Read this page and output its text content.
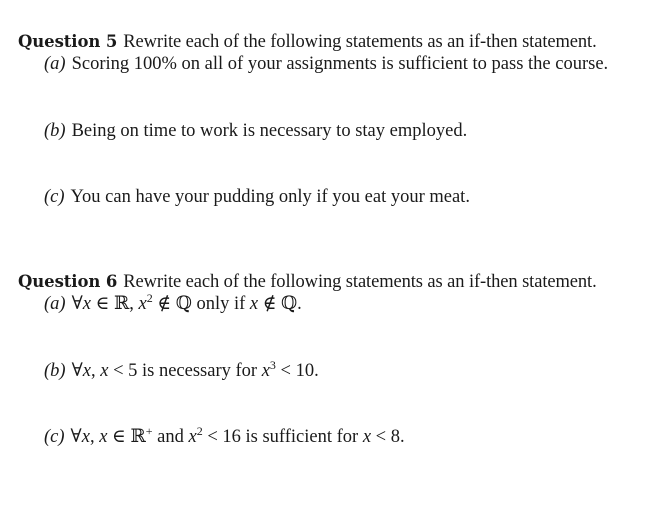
Question 5 Rewrite each of the following statements as an if-then statement.
(a) Scoring 100% on all of your assignments is sufficient to pass the course.
(b) Being on time to work is necessary to stay employed.
(c) You can have your pudding only if you eat your meat.
Question 6 Rewrite each of the following statements as an if-then statement.
(a) ∀x ∈ ℝ, $x^2$ ∉ ℚ only if x ∉ ℚ.
(b) ∀x, x < 5 is necessary for $x^3 < 10$.
(c) ∀x, x ∈ ℝ+ and $x^2 < 16$ is sufficient for x < 8.
